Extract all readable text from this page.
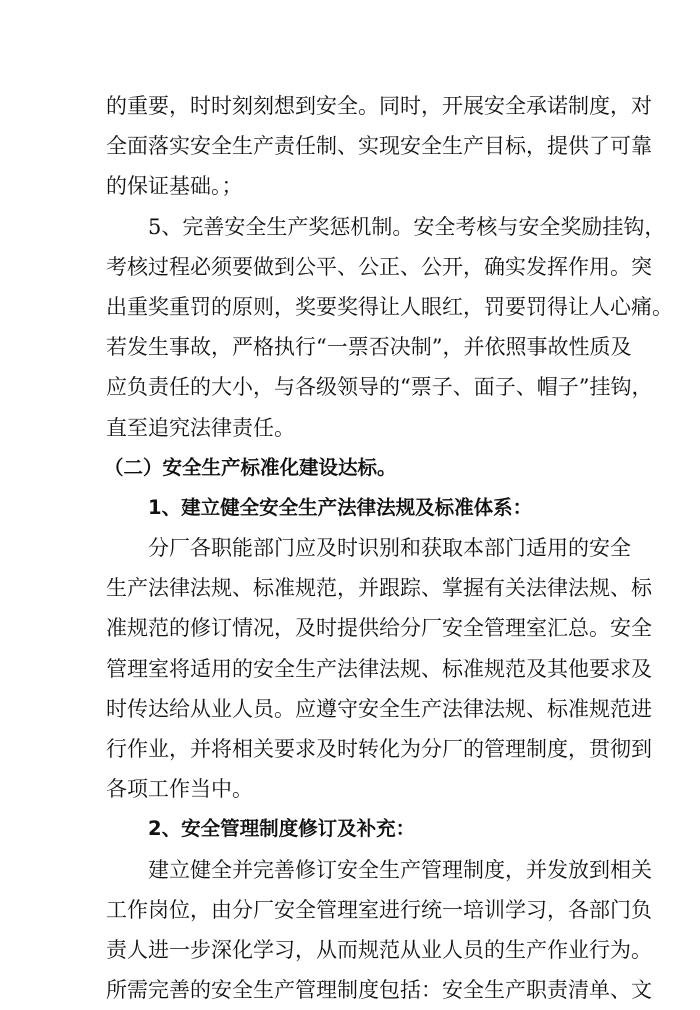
的重要，时时刻刻想到安全。同时，开展安全承诺制度，对
全面落实安全生产责任制、实现安全生产目标，提供了可靠
的保证基础。；
5、完善安全生产奖惩机制。安全考核与安全奖励挂钩，
考核过程必须要做到公平、公正、公开，确实发挥作用。突
出重奖重罚的原则，奖要奖得让人眼红，罚要罚得让人心痛。
若发生事故，严格执行“一票否决制”，并依照事故性质及
应负责任的大小，与各级领导的“票子、面子、帽子”挂钩，
直至追究法律责任。
（二）安全生产标准化建设达标。
1、建立健全安全生产法律法规及标准体系：
分厂各职能部门应及时识别和获取本部门适用的安全
生产法律法规、标准规范，并跟踪、掌握有关法律法规、标
准规范的修订情况，及时提供给分厂安全管理室汇总。安全
管理室将适用的安全生产法律法规、标准规范及其他要求及
时传达给从业人员。应遵守安全生产法律法规、标准规范进
行作业，并将相关要求及时转化为分厂的管理制度，贯彻到
各项工作当中。
2、安全管理制度修订及补充：
建立健全并完善修订安全生产管理制度，并发放到相关
工作岗位，由分厂安全管理室进行统一培训学习，各部门负
责人进一步深化学习，从而规范从业人员的生产作业行为。
所需完善的安全生产管理制度包括：安全生产职责清单、文
